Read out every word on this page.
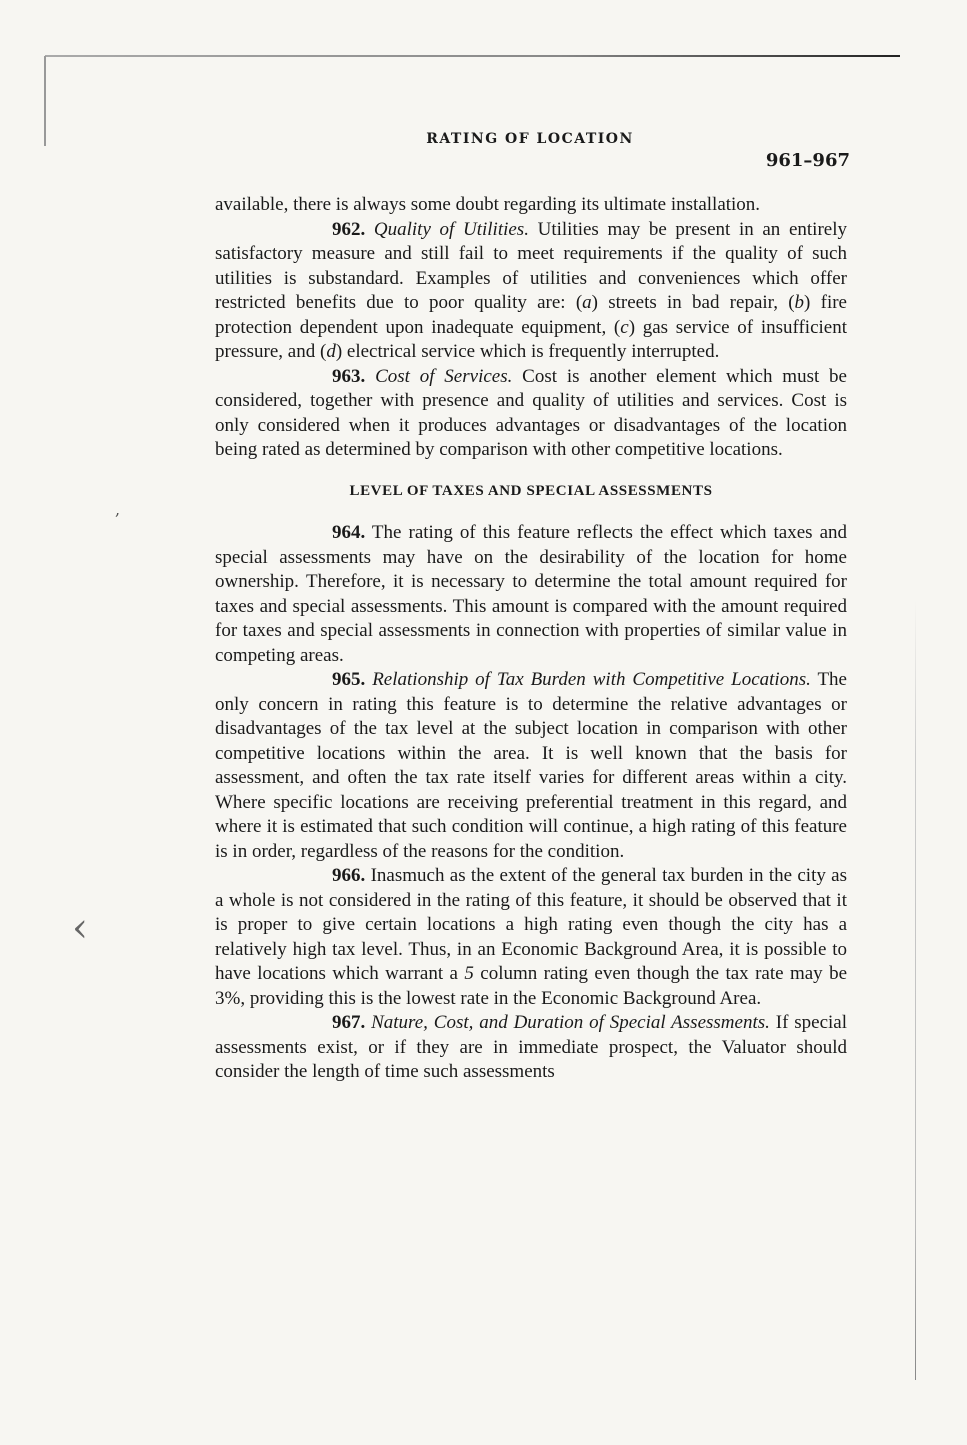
‹
,
RATING OF LOCATION
961–967

available, there is always some doubt regarding its ultimate installation.

962. Quality of Utilities. Utilities may be present in an entirely satisfactory measure and still fail to meet requirements if the quality of such utilities is substandard. Examples of utilities and conveniences which offer restricted benefits due to poor quality are: (a) streets in bad repair, (b) fire protection dependent upon inadequate equipment, (c) gas service of insufficient pressure, and (d) electrical service which is frequently interrupted.

963. Cost of Services. Cost is another element which must be considered, together with presence and quality of utilities and services. Cost is only considered when it produces advantages or disadvantages of the location being rated as determined by comparison with other competitive locations.

LEVEL OF TAXES AND SPECIAL ASSESSMENTS

964. The rating of this feature reflects the effect which taxes and special assessments may have on the desirability of the location for home ownership. Therefore, it is necessary to determine the total amount required for taxes and special assessments. This amount is compared with the amount required for taxes and special assessments in connection with properties of similar value in competing areas.

965. Relationship of Tax Burden with Competitive Locations. The only concern in rating this feature is to determine the relative advantages or disadvantages of the tax level at the subject location in comparison with other competitive locations within the area. It is well known that the basis for assessment, and often the tax rate itself varies for different areas within a city. Where specific locations are receiving preferential treatment in this regard, and where it is estimated that such condition will continue, a high rating of this feature is in order, regardless of the reasons for the condition.

966. Inasmuch as the extent of the general tax burden in the city as a whole is not considered in the rating of this feature, it should be observed that it is proper to give certain locations a high rating even though the city has a relatively high tax level. Thus, in an Economic Background Area, it is possible to have locations which warrant a 5 column rating even though the tax rate may be 3%, providing this is the lowest rate in the Economic Background Area.

967. Nature, Cost, and Duration of Special Assessments. If special assessments exist, or if they are in immediate prospect, the Valuator should consider the length of time such assessments
